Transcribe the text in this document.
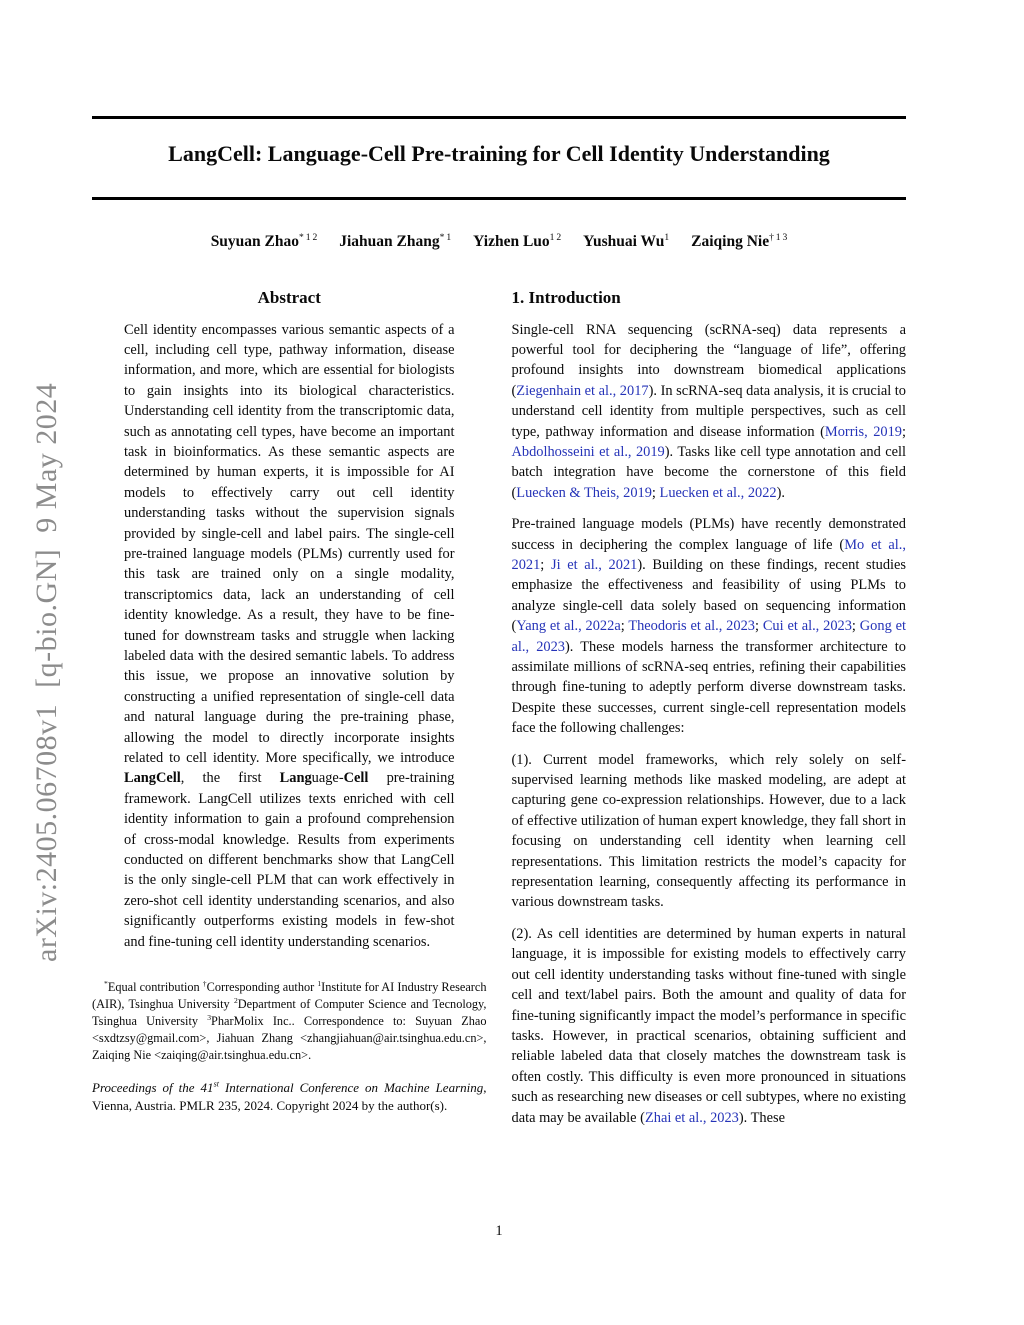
arXiv:2405.06708v1  [q-bio.GN]  9 May 2024
LangCell: Language-Cell Pre-training for Cell Identity Understanding
Suyuan Zhao$^{* 1 2}$ Jiahuan Zhang$^{* 1}$ Yizhen Luo$^{1 2}$ Yushuai Wu$^1$ Zaiqing Nie$^{\dagger 1 3}$
Abstract
Cell identity encompasses various semantic aspects of a cell, including cell type, pathway information, disease information, and more, which are essential for biologists to gain insights into its biological characteristics. Understanding cell identity from the transcriptomic data, such as annotating cell types, have become an important task in bioinformatics. As these semantic aspects are determined by human experts, it is impossible for AI models to effectively carry out cell identity understanding tasks without the supervision signals provided by single-cell and label pairs. The single-cell pre-trained language models (PLMs) currently used for this task are trained only on a single modality, transcriptomics data, lack an understanding of cell identity knowledge. As a result, they have to be fine-tuned for downstream tasks and struggle when lacking labeled data with the desired semantic labels. To address this issue, we propose an innovative solution by constructing a unified representation of single-cell data and natural language during the pre-training phase, allowing the model to directly incorporate insights related to cell identity. More specifically, we introduce LangCell, the first Language-Cell pre-training framework. LangCell utilizes texts enriched with cell identity information to gain a profound comprehension of cross-modal knowledge. Results from experiments conducted on different benchmarks show that LangCell is the only single-cell PLM that can work effectively in zero-shot cell identity understanding scenarios, and also significantly outperforms existing models in few-shot and fine-tuning cell identity understanding scenarios.
*Equal contribution †Corresponding author $^1$Institute for AI Industry Research (AIR), Tsinghua University $^2$Department of Computer Science and Tecnology, Tsinghua University $^3$PharMolix Inc.. Correspondence to: Suyuan Zhao <sxdtzsy@gmail.com>, Jiahuan Zhang <zhangjiahuan@air.tsinghua.edu.cn>, Zaiqing Nie <zaiqing@air.tsinghua.edu.cn>.
Proceedings of the 41st International Conference on Machine Learning, Vienna, Austria. PMLR 235, 2024. Copyright 2024 by the author(s).
1. Introduction

Single-cell RNA sequencing (scRNA-seq) data represents a powerful tool for deciphering the “language of life”, offering profound insights into downstream biomedical applications (Ziegenhain et al., 2017). In scRNA-seq data analysis, it is crucial to understand cell identity from multiple perspectives, such as cell type, pathway information and disease information (Morris, 2019; Abdolhosseini et al., 2019). Tasks like cell type annotation and cell batch integration have become the cornerstone of this field (Luecken & Theis, 2019; Luecken et al., 2022).

Pre-trained language models (PLMs) have recently demonstrated success in deciphering the complex language of life (Mo et al., 2021; Ji et al., 2021). Building on these findings, recent studies emphasize the effectiveness and feasibility of using PLMs to analyze single-cell data solely based on sequencing information (Yang et al., 2022a; Theodoris et al., 2023; Cui et al., 2023; Gong et al., 2023). These models harness the transformer architecture to assimilate millions of scRNA-seq entries, refining their capabilities through fine-tuning to adeptly perform diverse downstream tasks. Despite these successes, current single-cell representation models face the following challenges:

(1). Current model frameworks, which rely solely on self-supervised learning methods like masked modeling, are adept at capturing gene co-expression relationships. However, due to a lack of effective utilization of human expert knowledge, they fall short in focusing on understanding cell identity when learning cell representations. This limitation restricts the model’s capacity for representation learning, consequently affecting its performance in various downstream tasks.

(2). As cell identities are determined by human experts in natural language, it is impossible for existing models to effectively carry out cell identity understanding tasks without fine-tuned with single cell and text/label pairs. Both the amount and quality of data for fine-tuning significantly impact the model’s performance in specific tasks. However, in practical scenarios, obtaining sufficient and reliable labeled data that closely matches the downstream task is often costly. This difficulty is even more pronounced in situations such as researching new diseases or cell subtypes, where no existing data may be available (Zhai et al., 2023). These

1
